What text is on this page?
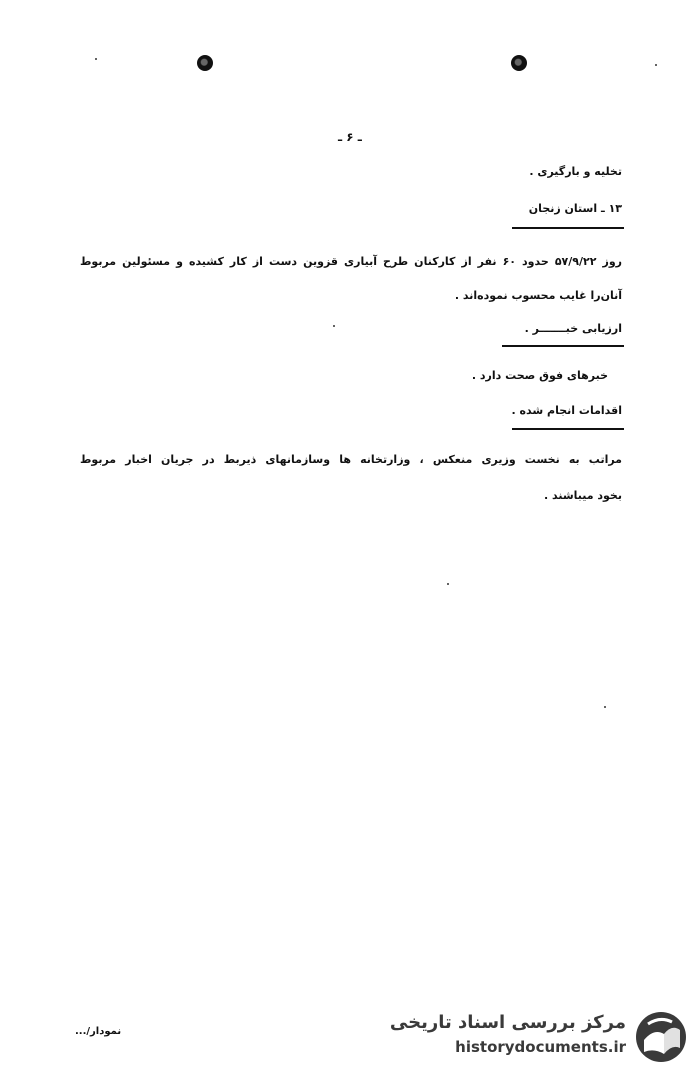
ـ ۶ ـ
تخلیه و بارگیری .
۱۳ ـ استان زنجان
روز ۵۷/۹/۲۲ حدود ۶۰ نفر از کارکنان طرح آبیاری قزوین دست از کار کشیده و مسئولین مربوط
آنان‌را غایب محسوب نموده‌اند .
ارزیابی خبـــــــر .
خبرهای فوق صحت دارد .
اقدامات انجام شده .
مراتب به نخست وزیری منعکس ، وزارتخانه ها وسازمانهای ذیربط در جریان اخبار مربوط
بخود میباشند .
نمودار/...	مرکز بررسی اسناد تاریخی
historydocuments.ir
